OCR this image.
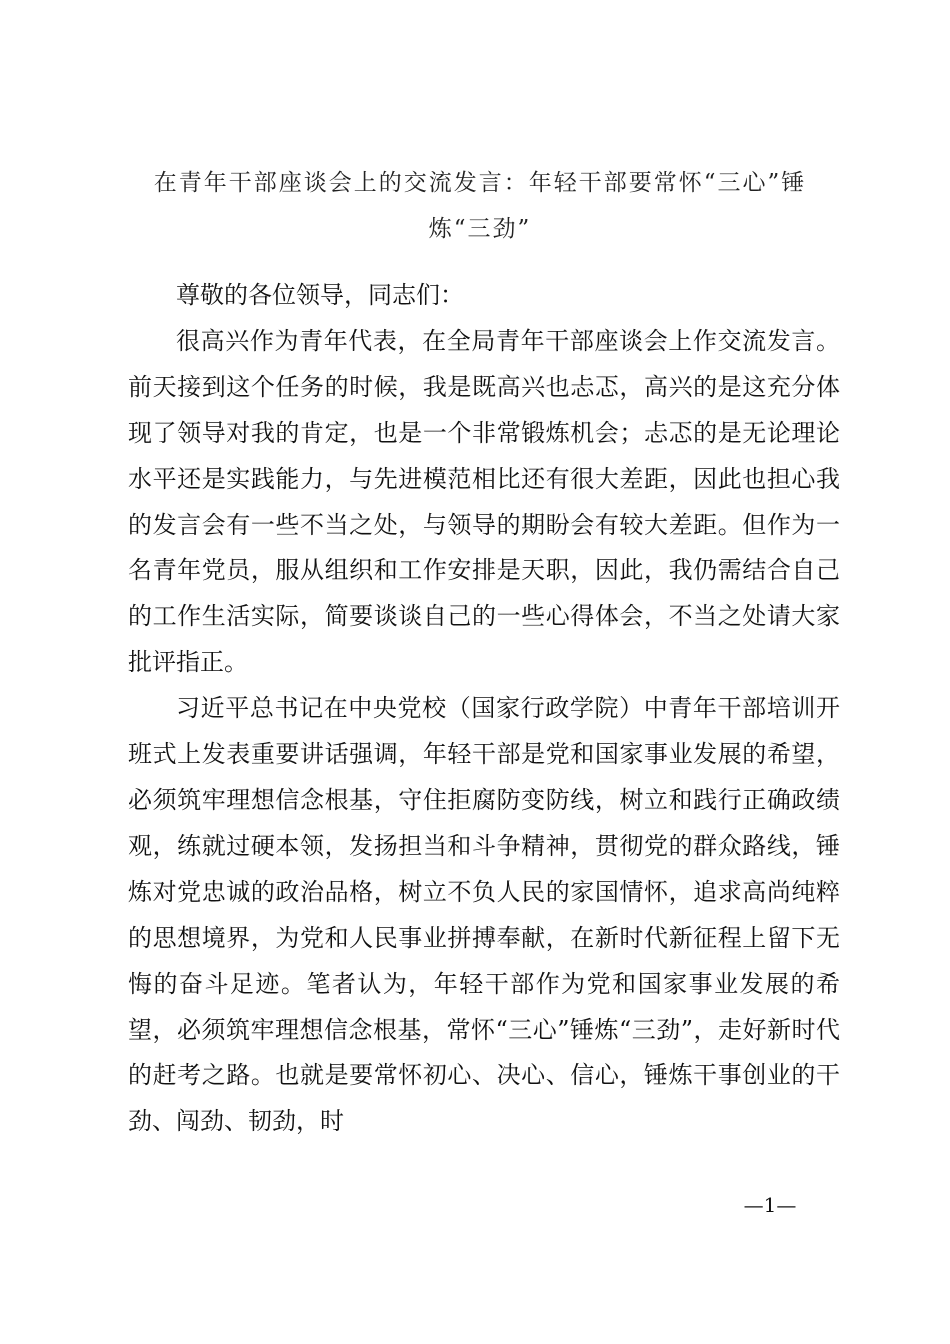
在青年干部座谈会上的交流发言：年轻干部要常怀“三心”锤炼“三劲”

尊敬的各位领导，同志们：

很高兴作为青年代表，在全局青年干部座谈会上作交流发言。前天接到这个任务的时候，我是既高兴也忐忑，高兴的是这充分体现了领导对我的肯定，也是一个非常锻炼机会；忐忑的是无论理论水平还是实践能力，与先进模范相比还有很大差距，因此也担心我的发言会有一些不当之处，与领导的期盼会有较大差距。但作为一名青年党员，服从组织和工作安排是天职，因此，我仍需结合自己的工作生活实际，简要谈谈自己的一些心得体会，不当之处请大家批评指正。

习近平总书记在中央党校（国家行政学院）中青年干部培训开班式上发表重要讲话强调，年轻干部是党和国家事业发展的希望，必须筑牢理想信念根基，守住拒腐防变防线，树立和践行正确政绩观，练就过硬本领，发扬担当和斗争精神，贯彻党的群众路线，锤炼对党忠诚的政治品格，树立不负人民的家国情怀，追求高尚纯粹的思想境界，为党和人民事业拼搏奉献，在新时代新征程上留下无悔的奋斗足迹。笔者认为，年轻干部作为党和国家事业发展的希望，必须筑牢理想信念根基，常怀“三心”锤炼“三劲”，走好新时代的赶考之路。也就是要常怀初心、决心、信心，锤炼干事创业的干劲、闯劲、韧劲，时

—1—
